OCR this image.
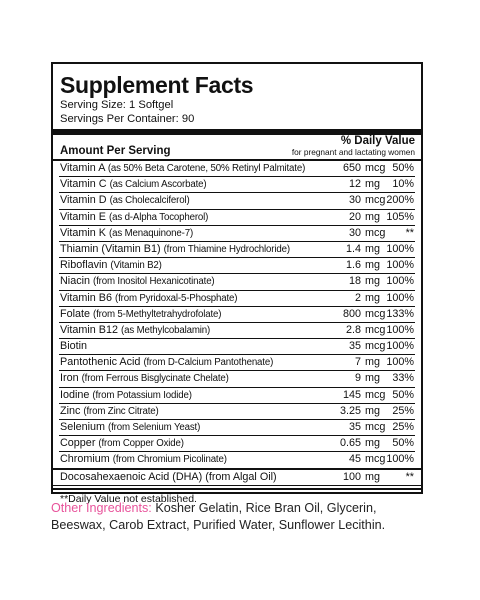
Supplement Facts
Serving Size: 1 Softgel
Servings Per Container: 90
Amount Per Serving
% Daily Value
for pregnant and lactating women
Vitamin A (as 50% Beta Carotene, 50% Retinyl Palmitate)	650 mcg 50%
Vitamin C (as Calcium Ascorbate)	12 mg 10%
Vitamin D (as Cholecalciferol)	30 mcg 200%
Vitamin E (as d-Alpha Tocopherol)	20 mg 105%
Vitamin K (as Menaquinone-7)	30 mcg **
Thiamin (Vitamin B1) (from Thiamine Hydrochloride)	1.4 mg 100%
Riboflavin (Vitamin B2)	1.6 mg 100%
Niacin (from Inositol Hexanicotinate)	18 mg 100%
Vitamin B6 (from Pyridoxal-5-Phosphate)	2 mg 100%
Folate (from 5-Methyltetrahydrofolate)	800 mcg 133%
Vitamin B12 (as Methylcobalamin)	2.8 mcg 100%
Biotin	35 mcg 100%
Pantothenic Acid (from D-Calcium Pantothenate)	7 mg 100%
Iron (from Ferrous Bisglycinate Chelate)	9 mg 33%
Iodine (from Potassium Iodide)	145 mcg 50%
Zinc (from Zinc Citrate)	3.25 mg 25%
Selenium (from Selenium Yeast)	35 mcg 25%
Copper (from Copper Oxide)	0.65 mg 50%
Chromium (from Chromium Picolinate)	45 mcg 100%
Docosahexaenoic Acid (DHA) (from Algal Oil)	100 mg **
**Daily Value not established.
Other Ingredients: Kosher Gelatin, Rice Bran Oil, Glycerin, Beeswax, Carob Extract, Purified Water, Sunflower Lecithin.
